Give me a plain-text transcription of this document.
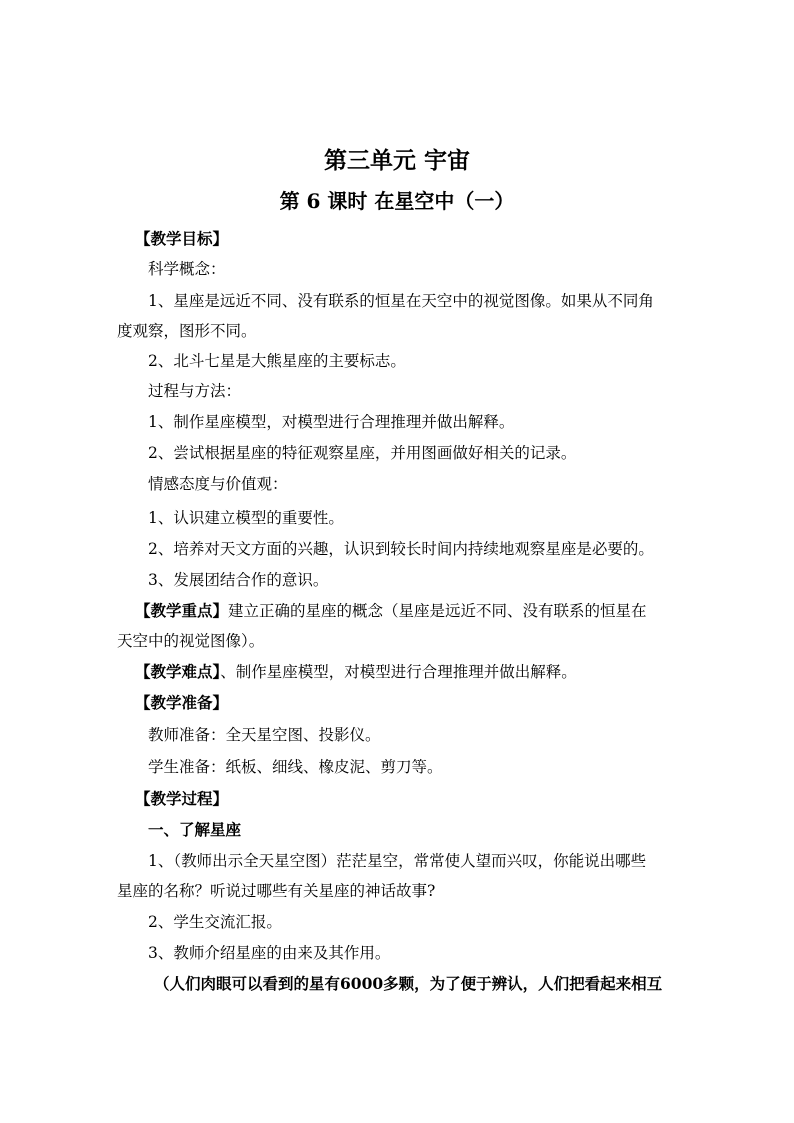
第三单元 宇宙
第 6 课时 在星空中（一）
【教学目标】
科学概念：
1、星座是远近不同、没有联系的恒星在天空中的视觉图像。如果从不同角
度观察，图形不同。
2、北斗七星是大熊星座的主要标志。
过程与方法：
1、制作星座模型，对模型进行合理推理并做出解释。
2、尝试根据星座的特征观察星座，并用图画做好相关的记录。
情感态度与价值观：
1、认识建立模型的重要性。
2、培养对天文方面的兴趣，认识到较长时间内持续地观察星座是必要的。
3、发展团结合作的意识。
【教学重点】建立正确的星座的概念（星座是远近不同、没有联系的恒星在
天空中的视觉图像）。
【教学难点】、制作星座模型，对模型进行合理推理并做出解释。
【教学准备】
教师准备：全天星空图、投影仪。
学生准备：纸板、细线、橡皮泥、剪刀等。
【教学过程】
一、了解星座
1、（教师出示全天星空图）茫茫星空，常常使人望而兴叹，你能说出哪些
星座的名称？听说过哪些有关星座的神话故事?
2、学生交流汇报。
3、教师介绍星座的由来及其作用。
（人们肉眼可以看到的星有6000多颗，为了便于辨认，人们把看起来相互
